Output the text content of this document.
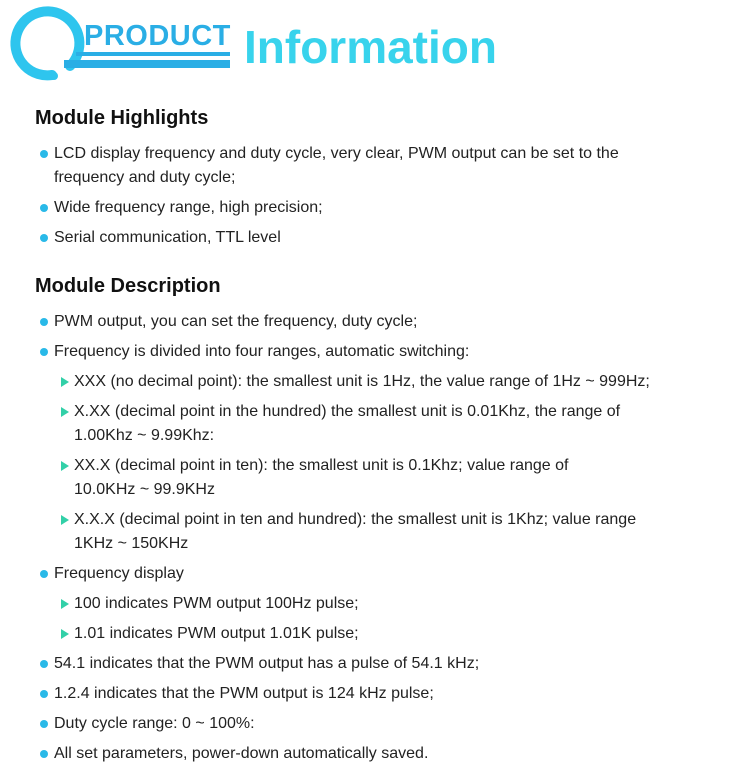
PRODUCT Information
Module Highlights
LCD display frequency and duty cycle, very clear, PWM output can be set to the
frequency and duty cycle;
Wide frequency range, high precision;
Serial communication, TTL level
Module Description
PWM output, you can set the frequency, duty cycle;
Frequency is divided into four ranges, automatic switching:
XXX (no decimal point): the smallest unit is 1Hz, the value range of 1Hz ~ 999Hz;
X.XX (decimal point in the hundred) the smallest unit is 0.01Khz, the range of
1.00Khz ~ 9.99Khz:
XX.X (decimal point in ten): the smallest unit is 0.1Khz; value range of
10.0KHz ~ 99.9KHz
X.X.X (decimal point in ten and hundred): the smallest unit is 1Khz; value range
1KHz ~ 150KHz
Frequency display
100 indicates PWM output 100Hz pulse;
1.01 indicates PWM output 1.01K pulse;
54.1 indicates that the PWM output has a pulse of 54.1 kHz;
1.2.4 indicates that the PWM output is 124 kHz pulse;
Duty cycle range: 0 ~ 100%:
All set parameters, power-down automatically saved.
